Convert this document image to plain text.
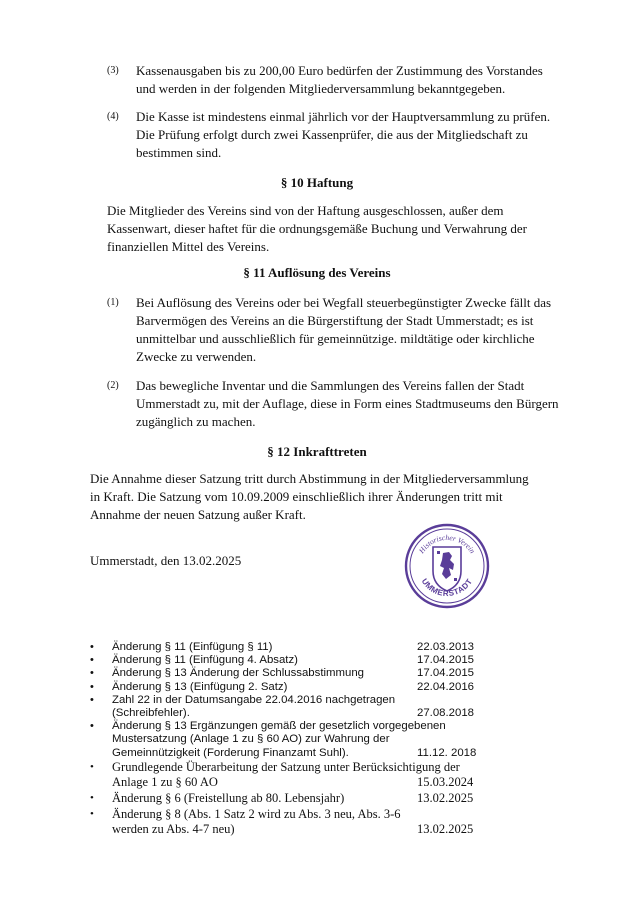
(3) Kassenausgaben bis zu 200,00 Euro bedürfen der Zustimmung des Vorstandes
und werden in der folgenden Mitgliederversammlung bekanntgegeben.
(4) Die Kasse ist mindestens einmal jährlich vor der Hauptversammlung zu prüfen.
Die Prüfung erfolgt durch zwei Kassenprüfer, die aus der Mitgliedschaft zu
bestimmen sind.
§ 10 Haftung
Die Mitglieder des Vereins sind von der Haftung ausgeschlossen, außer dem
Kassenwart, dieser haftet für die ordnungsgemäße Buchung und Verwahrung der
finanziellen Mittel des Vereins.
§ 11 Auflösung des Vereins
(1) Bei Auflösung des Vereins oder bei Wegfall steuerbegünstigter Zwecke fällt das
Barvermögen des Vereins an die Bürgerstiftung der Stadt Ummerstadt; es ist
unmittelbar und ausschließlich für gemeinnützige. mildtätige oder kirchliche
Zwecke zu verwenden.
(2) Das bewegliche Inventar und die Sammlungen des Vereins fallen der Stadt
Ummerstadt zu, mit der Auflage, diese in Form eines Stadtmuseums den Bürgern
zugänglich zu machen.
§ 12 Inkrafttreten
Die Annahme dieser Satzung tritt durch Abstimmung in der Mitgliederversammlung
in Kraft. Die Satzung vom 10.09.2009 einschließlich ihrer Änderungen tritt mit
Annahme der neuen Satzung außer Kraft.
Ummerstadt, den 13.02.2025
Historischer Verein
UMMERSTADT
• Änderung § 11 (Einfügung § 11)	22.03.2013
• Änderung § 11 (Einfügung 4. Absatz)	17.04.2015
• Änderung § 13 Änderung der Schlussabstimmung	17.04.2015
• Änderung § 13 (Einfügung 2. Satz)	22.04.2016
• Zahl 22 in der Datumsangabe 22.04.2016 nachgetragen
(Schreibfehler).	27.08.2018
• Änderung § 13 Ergänzungen gemäß der gesetzlich vorgegebenen
Mustersatzung (Anlage 1 zu § 60 AO) zur Wahrung der
Gemeinnützigkeit (Forderung Finanzamt Suhl).	11.12. 2018
• Grundlegende Überarbeitung der Satzung unter Berücksichtigung der
Anlage 1 zu § 60 AO	15.03.2024
• Änderung § 6 (Freistellung ab 80. Lebensjahr)	13.02.2025
• Änderung § 8 (Abs. 1 Satz 2 wird zu Abs. 3 neu, Abs. 3-6
werden zu Abs. 4-7 neu)	13.02.2025
